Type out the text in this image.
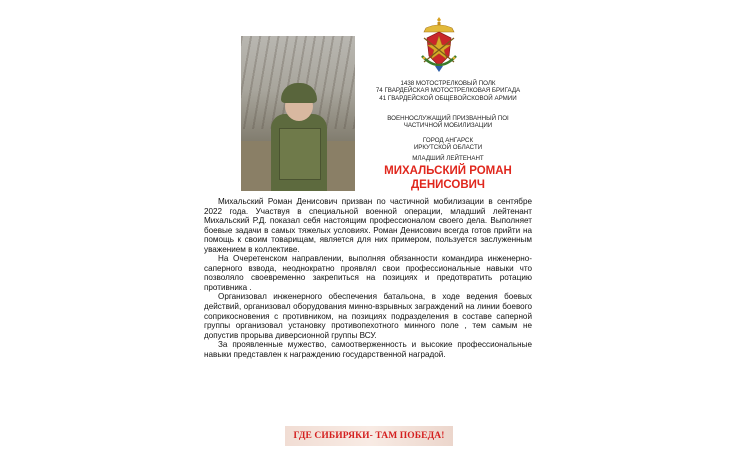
1438 МОТОСТРЕЛКОВЫЙ ПОЛК
74 ГВАРДЕЙСКАЯ МОТОСТРЕЛКОВАЯ БРИГАДА
41 ГВАРДЕЙСКОЙ ОБЩЕВОЙСКОВОЙ АРМИИ
ВОЕННОСЛУЖАЩИЙ ПРИЗВАННЫЙ ПОІ
ЧАСТИЧНОЙ МОБИЛИЗАЦИИ
ГОРОД АНГАРСК
ИРКУТСКОЙ ОБЛАСТИ
МЛАДШИЙ ЛЕЙТЕНАНТ
МИХАЛЬСКИЙ РОМАН
ДЕНИСОВИЧ

Михальский Роман Денисович призван по частичной мобилизации в сентябре 2022 года. Участвуя в специальной военной операции, младший лейтенант Михальский Р.Д. показал себя настоящим профессионалом своего дела. Выполняет боевые задачи в самых тяжелых условиях. Роман Денисович всегда готов прийти на помощь к своим товарищам, является для них примером, пользуется заслуженным уважением в коллективе.

На Очеретенском направлении, выполняя обязанности командира инженерно-саперного взвода, неоднократно проявлял свои профессиональные навыки что позволяло своевременно закрепиться на позициях и предотвратить ротацию противника .

Организовал инженерного обеспечения батальона, в ходе ведения боевых действий, организовал оборудования минно-взрывных заграждений на линии боевого соприкосновения с противником, на позициях подразделения в составе саперной группы организовал установку противопехотного минного поле , тем самым не допустив прорыва диверсионной группы ВСУ.

За проявленные мужество, самоотверженность и высокие профессиональные навыки представлен к награждению государственной наградой.

ГДЕ СИБИРЯКИ- ТАМ ПОБЕДА!
